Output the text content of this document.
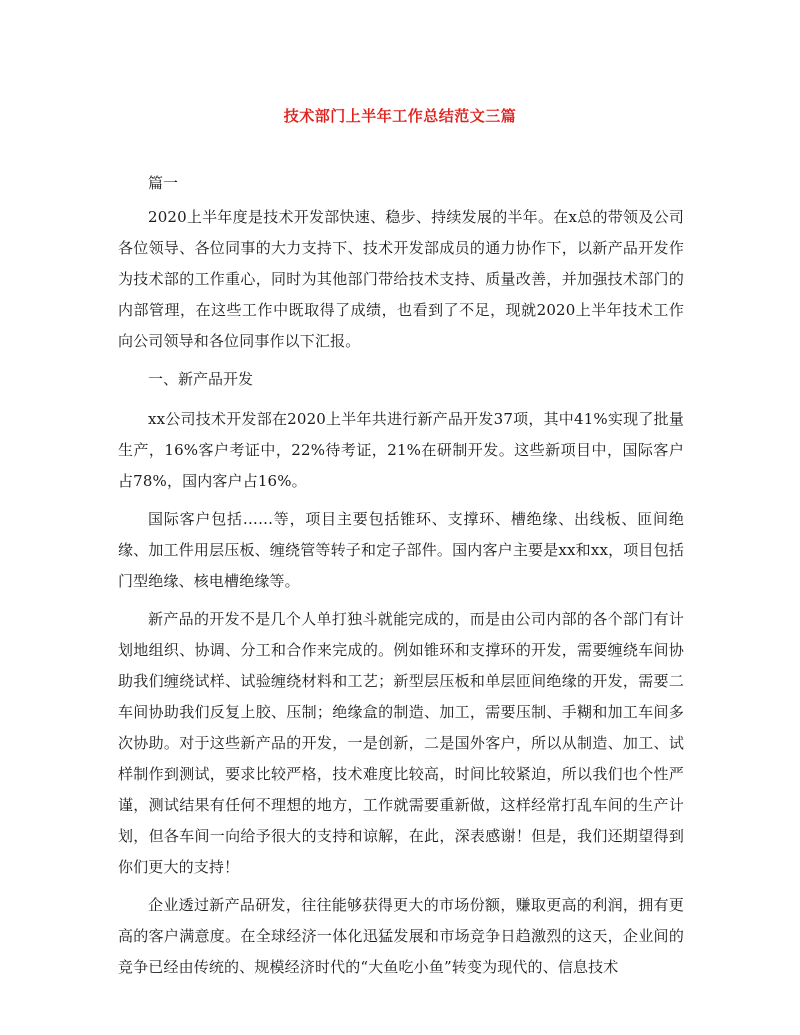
技术部门上半年工作总结范文三篇
篇一

2020上半年度是技术开发部快速、稳步、持续发展的半年。在x总的带领及公司各位领导、各位同事的大力支持下、技术开发部成员的通力协作下，以新产品开发作为技术部的工作重心，同时为其他部门带给技术支持、质量改善，并加强技术部门的内部管理，在这些工作中既取得了成绩，也看到了不足，现就2020上半年技术工作向公司领导和各位同事作以下汇报。

一、新产品开发

xx公司技术开发部在2020上半年共进行新产品开发37项，其中41%实现了批量生产，16%客户考证中，22%待考证，21%在研制开发。这些新项目中，国际客户占78%，国内客户占16%。

国际客户包括……等，项目主要包括锥环、支撑环、槽绝缘、出线板、匝间绝缘、加工件用层压板、缠绕管等转子和定子部件。国内客户主要是xx和xx，项目包括门型绝缘、核电槽绝缘等。

新产品的开发不是几个人单打独斗就能完成的，而是由公司内部的各个部门有计划地组织、协调、分工和合作来完成的。例如锥环和支撑环的开发，需要缠绕车间协助我们缠绕试样、试验缠绕材料和工艺；新型层压板和单层匝间绝缘的开发，需要二车间协助我们反复上胶、压制；绝缘盒的制造、加工，需要压制、手糊和加工车间多次协助。对于这些新产品的开发，一是创新，二是国外客户，所以从制造、加工、试样制作到测试，要求比较严格，技术难度比较高，时间比较紧迫，所以我们也个性严谨，测试结果有任何不理想的地方，工作就需要重新做，这样经常打乱车间的生产计划，但各车间一向给予很大的支持和谅解，在此，深表感谢！但是，我们还期望得到你们更大的支持！

企业透过新产品研发，往往能够获得更大的市场份额，赚取更高的利润，拥有更高的客户满意度。在全球经济一体化迅猛发展和市场竞争日趋激烈的这天，企业间的竞争已经由传统的、规模经济时代的“大鱼吃小鱼”转变为现代的、信息技术
